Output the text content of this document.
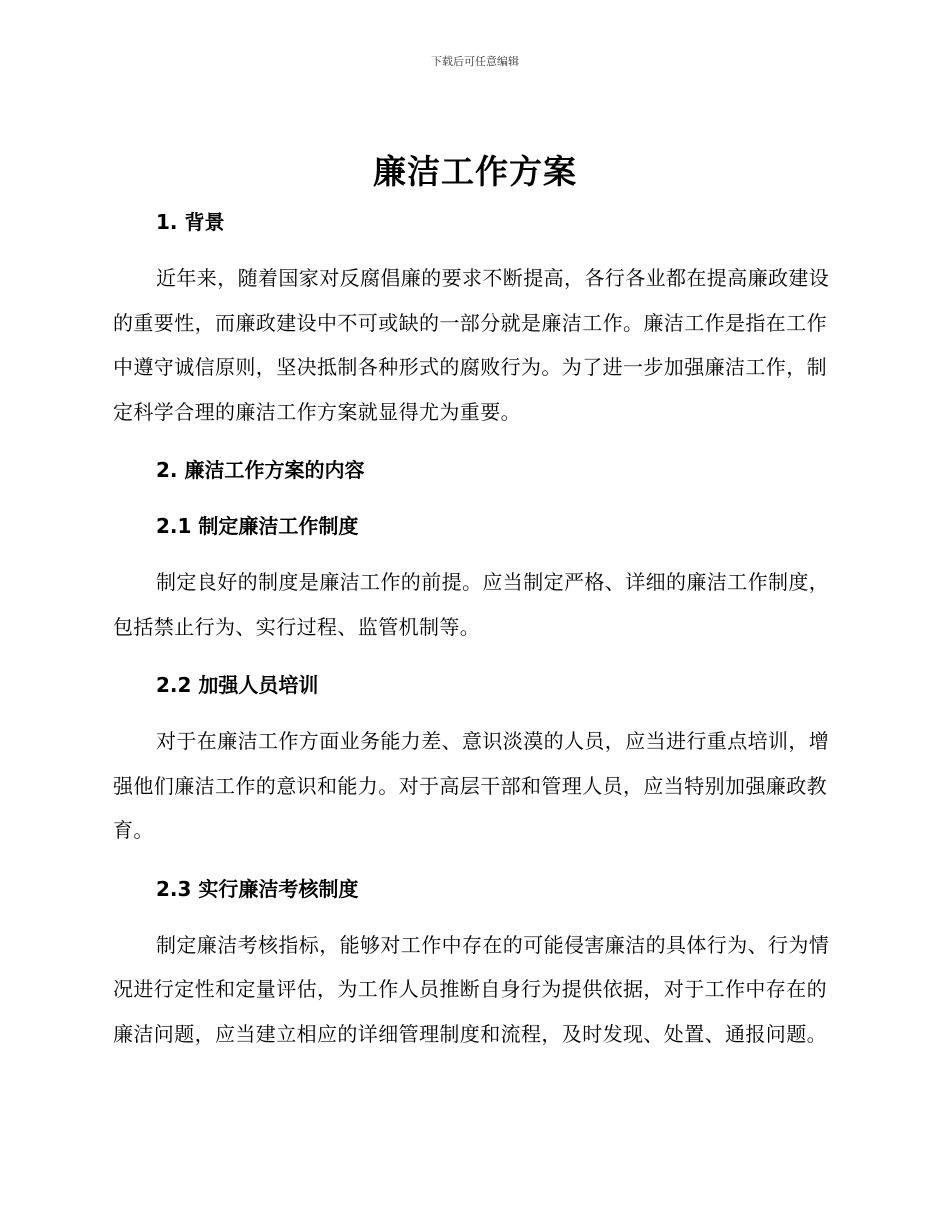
下载后可任意编辑
廉洁工作方案
1. 背景

近年来，随着国家对反腐倡廉的要求不断提高，各行各业都在提高廉政建设的重要性，而廉政建设中不可或缺的一部分就是廉洁工作。廉洁工作是指在工作中遵守诚信原则，坚决抵制各种形式的腐败行为。为了进一步加强廉洁工作，制定科学合理的廉洁工作方案就显得尤为重要。

2. 廉洁工作方案的内容
2.1 制定廉洁工作制度

制定良好的制度是廉洁工作的前提。应当制定严格、详细的廉洁工作制度，包括禁止行为、实行过程、监管机制等。

2.2 加强人员培训

对于在廉洁工作方面业务能力差、意识淡漠的人员，应当进行重点培训，增强他们廉洁工作的意识和能力。对于高层干部和管理人员，应当特别加强廉政教育。

2.3 实行廉洁考核制度

制定廉洁考核指标，能够对工作中存在的可能侵害廉洁的具体行为、行为情况进行定性和定量评估，为工作人员推断自身行为提供依据，对于工作中存在的廉洁问题，应当建立相应的详细管理制度和流程，及时发现、处置、通报问题。
